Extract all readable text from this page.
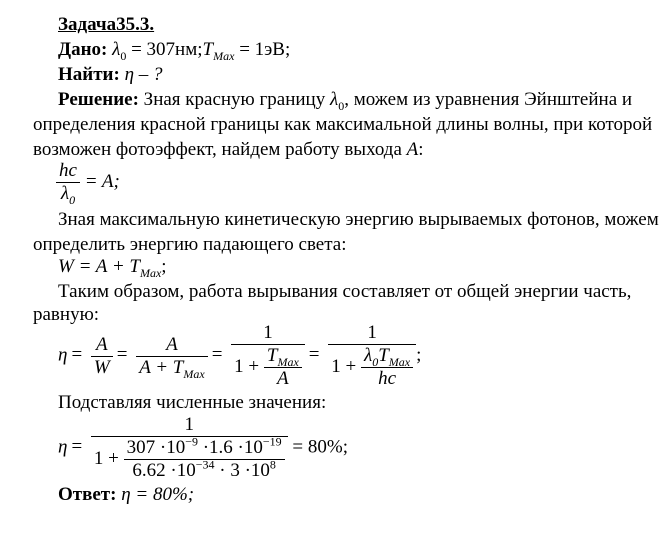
Задача35.3.
Дано: $\lambda_0$ = $307нм;T_{Max} = 1эВ$;
Найти: η – ?
Решение: Зная красную границу $\lambda_0$, можем из уравнения Эйнштейна и
определения красной границы как максимальной длины волны, при которой
возможен фотоэффект, найдем работу выхода A:
$\frac{hc}{\lambda_0} = A$;
Зная максимальную кинетическую энергию вырываемых фотонов, можем
определить энергию падающего света:
$W = A + T_{Max}$;
Таким образом, работа вырывания составляет от общей энергии часть,
равную:
$\eta = \frac{A}{W} = \frac{A}{A + T_{Max}} = \frac{1}{1 + \frac{T_{Max}}{A}} = \frac{1}{1 + \frac{\lambda_0T_{Max}}{hc}}$ ;
Подставляя численные значения:
η =
1
$1 + \frac{307 \cdot 10^{-9} \cdot 1.6 \cdot 10^{-19}}{6.62 \cdot 10^{-34} \cdot 3 \cdot 10^8} = 80\%$;
Ответ: η = 80%;
